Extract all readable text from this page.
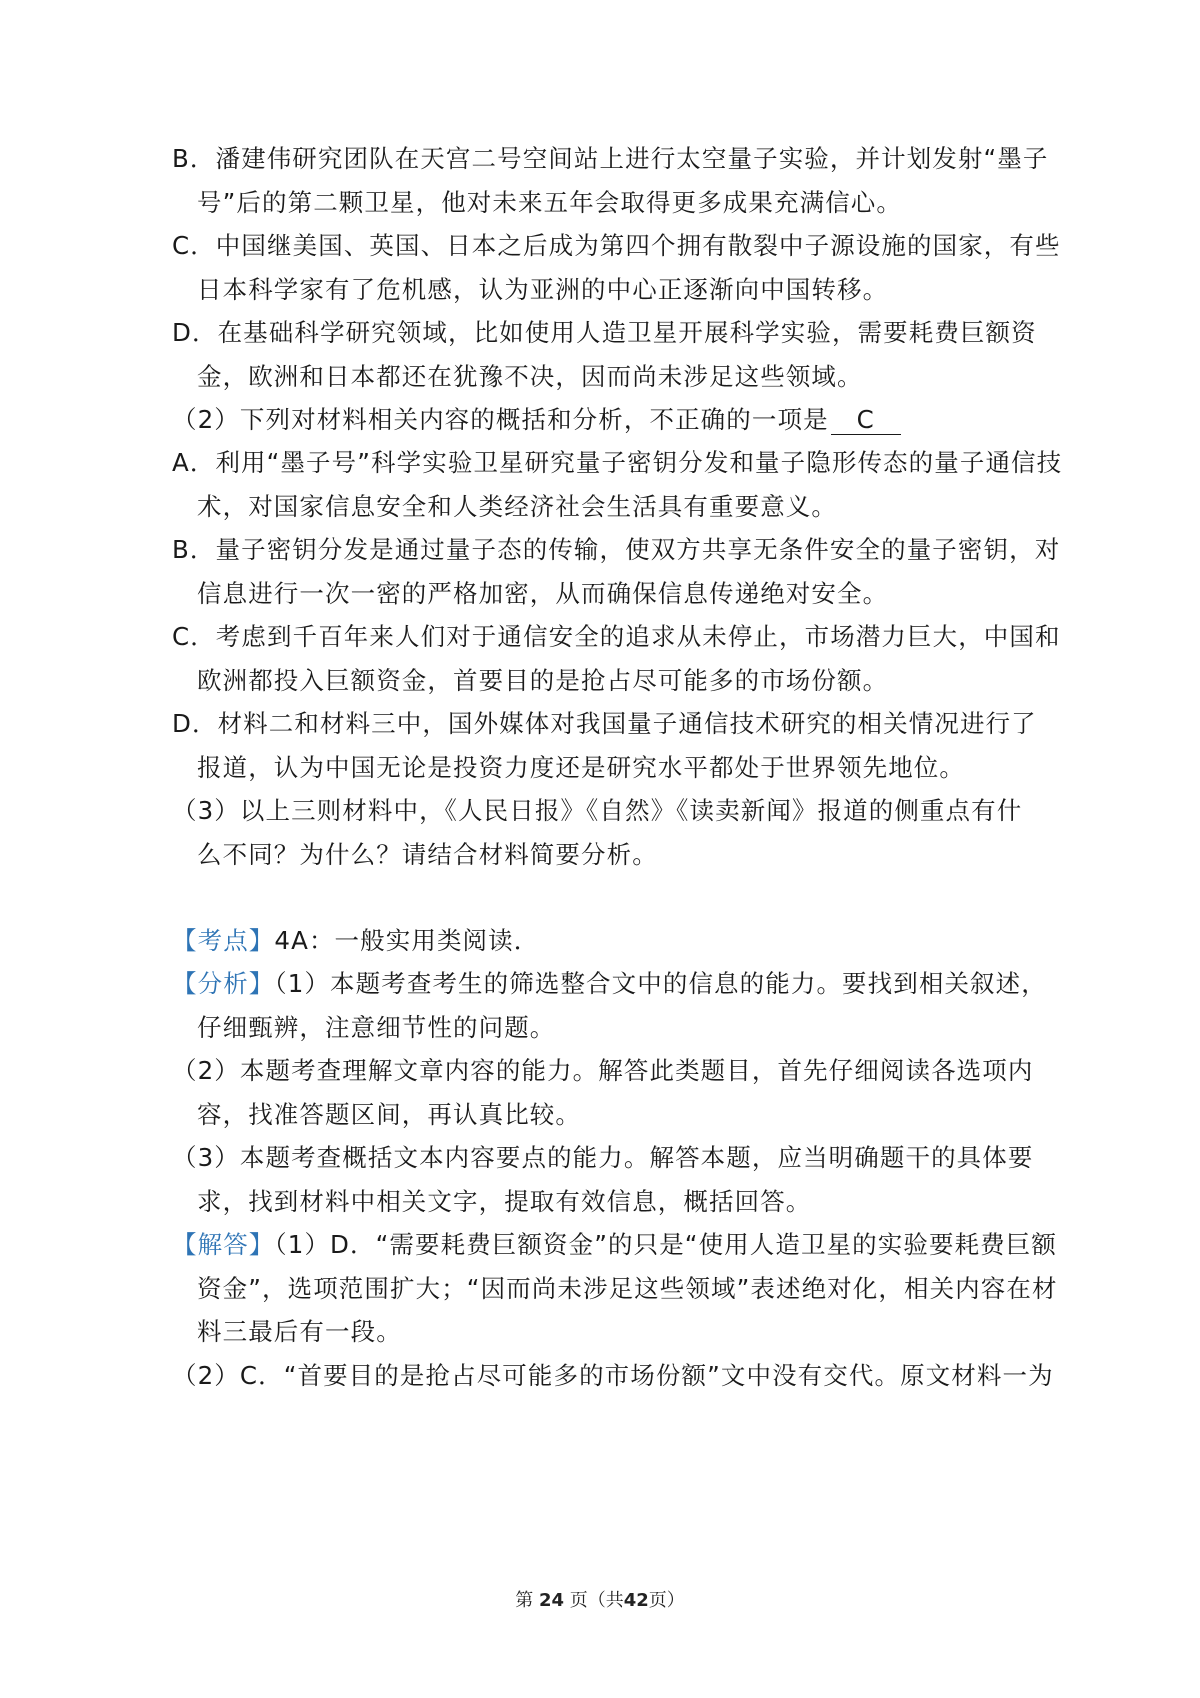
B．潘建伟研究团队在天宫二号空间站上进行太空量子实验，并计划发射“墨子
号”后的第二颗卫星，他对未来五年会取得更多成果充满信心。
C．中国继美国、英国、日本之后成为第四个拥有散裂中子源设施的国家，有些
日本科学家有了危机感，认为亚洲的中心正逐渐向中国转移。
D．在基础科学研究领域，比如使用人造卫星开展科学实验，需要耗费巨额资
金，欧洲和日本都还在犹豫不决，因而尚未涉足这些领域。
（2）下列对材料相关内容的概括和分析，不正确的一项是 C
A．利用“墨子号”科学实验卫星研究量子密钥分发和量子隐形传态的量子通信技
术，对国家信息安全和人类经济社会生活具有重要意义。
B．量子密钥分发是通过量子态的传输，使双方共享无条件安全的量子密钥，对
信息进行一次一密的严格加密，从而确保信息传递绝对安全。
C．考虑到千百年来人们对于通信安全的追求从未停止，市场潜力巨大，中国和
欧洲都投入巨额资金，首要目的是抢占尽可能多的市场份额。
D．材料二和材料三中，国外媒体对我国量子通信技术研究的相关情况进行了
报道，认为中国无论是投资力度还是研究水平都处于世界领先地位。
（3）以上三则材料中，《人民日报》《自然》《读卖新闻》报道的侧重点有什
么不同？为什么？请结合材料简要分析。
【考点】4A：一般实用类阅读．
【分析】（1）本题考查考生的筛选整合文中的信息的能力。要找到相关叙述，
仔细甄辨，注意细节性的问题。
（2）本题考查理解文章内容的能力。解答此类题目，首先仔细阅读各选项内
容，找准答题区间，再认真比较。
（3）本题考查概括文本内容要点的能力。解答本题，应当明确题干的具体要
求，找到材料中相关文字，提取有效信息，概括回答。
【解答】（1）D．“需要耗费巨额资金”的只是“使用人造卫星的实验要耗费巨额
资金”，选项范围扩大；“因而尚未涉足这些领域”表述绝对化，相关内容在材
料三最后有一段。
（2）C．“首要目的是抢占尽可能多的市场份额”文中没有交代。原文材料一为
第 24 页（共42页）
